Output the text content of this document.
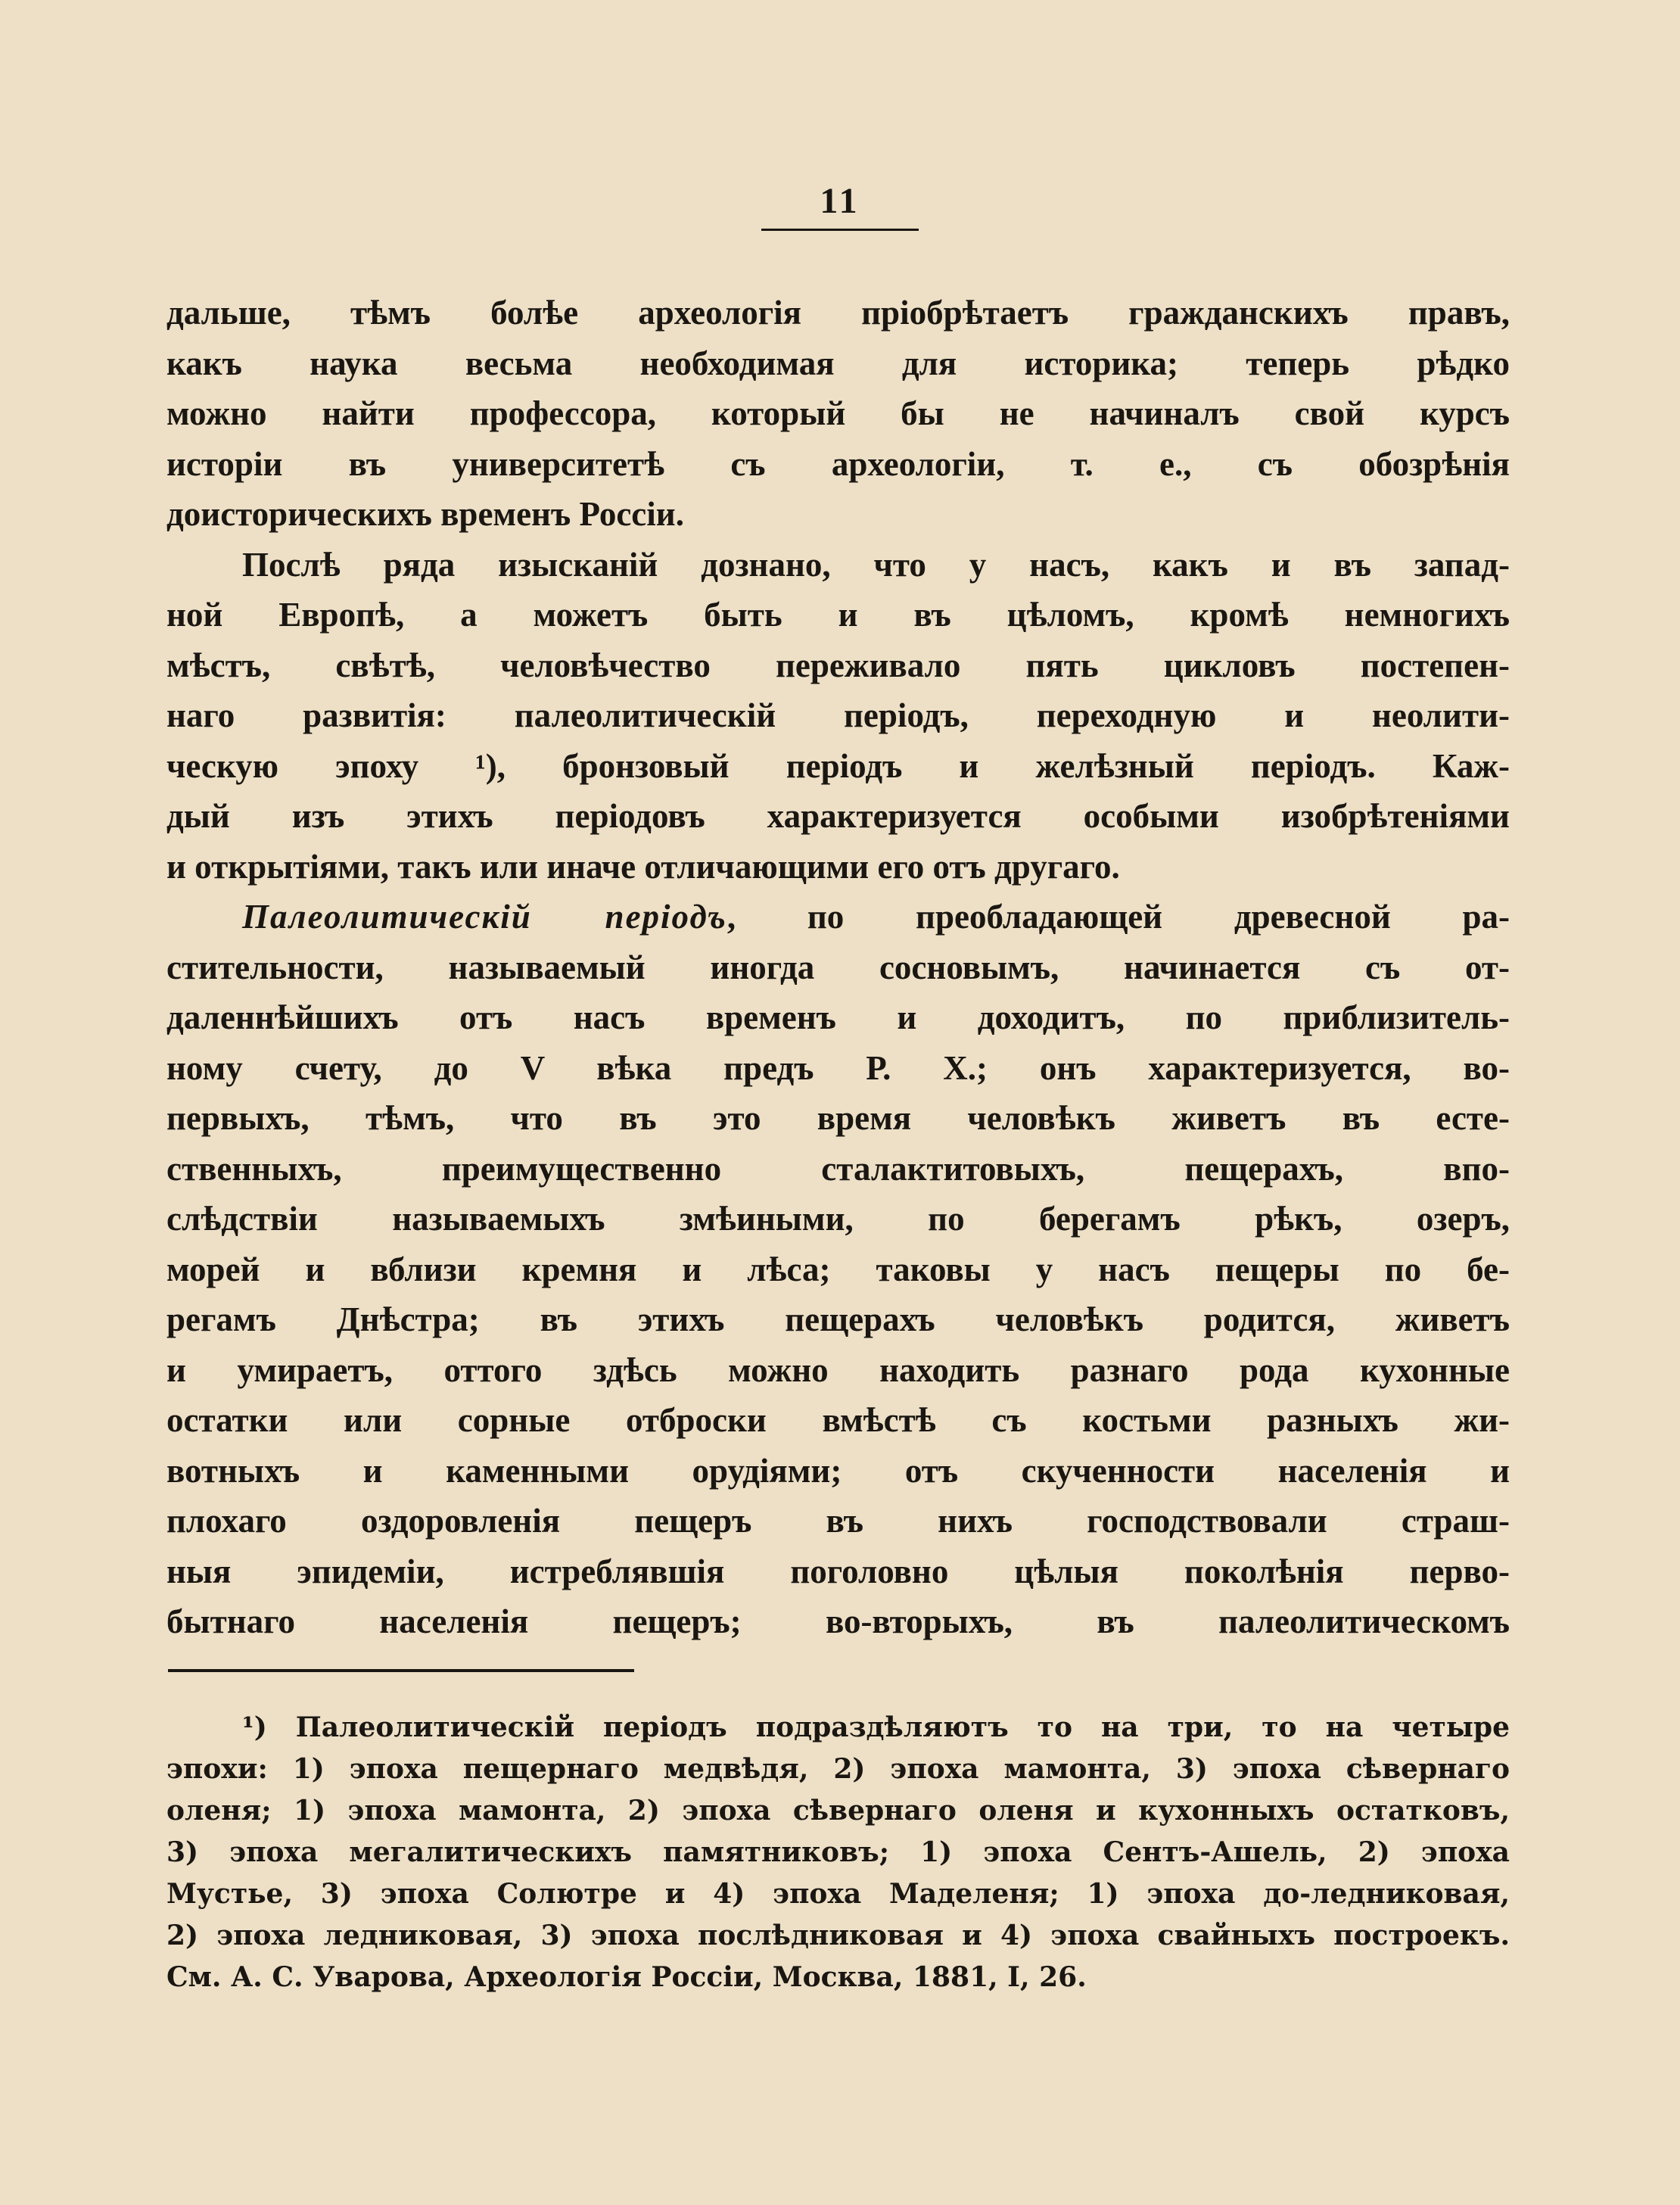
11

дальше, тѣмъ болѣе археологія пріобрѣтаетъ гражданскихъ правъ,
какъ наука весьма необходимая для историка; теперь рѣдко
можно найти профессора, который бы не начиналъ свой курсъ
исторіи въ университетѣ съ археологіи, т. е., съ обозрѣнія
доисторическихъ временъ Россіи.

Послѣ ряда изысканій дознано, что у насъ, какъ и въ запад-
ной Европѣ, а можетъ быть и въ цѣломъ, кромѣ немногихъ
мѣстъ, свѣтѣ, человѣчество переживало пять цикловъ постепен-
наго развитія: палеолитическій періодъ, переходную и неолити-
ческую эпоху ¹), бронзовый періодъ и желѣзный періодъ. Каж-
дый изъ этихъ періодовъ характеризуется особыми изобрѣтеніями
и открытіями, такъ или иначе отличающими его отъ другаго.

Палеолитическій періодъ, по преобладающей древесной ра-
стительности, называемый иногда сосновымъ, начинается съ от-
даленнѣйшихъ отъ насъ временъ и доходитъ, по приблизитель-
ному счету, до V вѣка предъ Р. Х.; онъ характеризуется, во-
первыхъ, тѣмъ, что въ это время человѣкъ живетъ въ есте-
ственныхъ, преимущественно сталактитовыхъ, пещерахъ, впо-
слѣдствіи называемыхъ змѣиными, по берегамъ рѣкъ, озеръ,
морей и вблизи кремня и лѣса; таковы у насъ пещеры по бе-
регамъ Днѣстра; въ этихъ пещерахъ человѣкъ родится, живетъ
и умираетъ, оттого здѣсь можно находить разнаго рода кухонные
остатки или сорные отброски вмѣстѣ съ костьми разныхъ жи-
вотныхъ и каменными орудіями; отъ скученности населенія и
плохаго оздоровленія пещеръ въ нихъ господствовали страш-
ныя эпидеміи, истреблявшія поголовно цѣлыя поколѣнія перво-
бытнаго населенія пещеръ; во-вторыхъ, въ палеолитическомъ

¹) Палеолитическій періодъ подраздѣляютъ то на три, то на четыре
эпохи: 1) эпоха пещернаго медвѣдя, 2) эпоха мамонта, 3) эпоха сѣвернаго
оленя; 1) эпоха мамонта, 2) эпоха сѣвернаго оленя и кухонныхъ остатковъ,
3) эпоха мегалитическихъ памятниковъ; 1) эпоха Сентъ-Ашель, 2) эпоха
Мустье, 3) эпоха Солютре и 4) эпоха Маделеня; 1) эпоха до-ледниковая,
2) эпоха ледниковая, 3) эпоха послѣдниковая и 4) эпоха свайныхъ построекъ.
См. А. С. Уварова, Археологія Россіи, Москва, 1881, I, 26.
